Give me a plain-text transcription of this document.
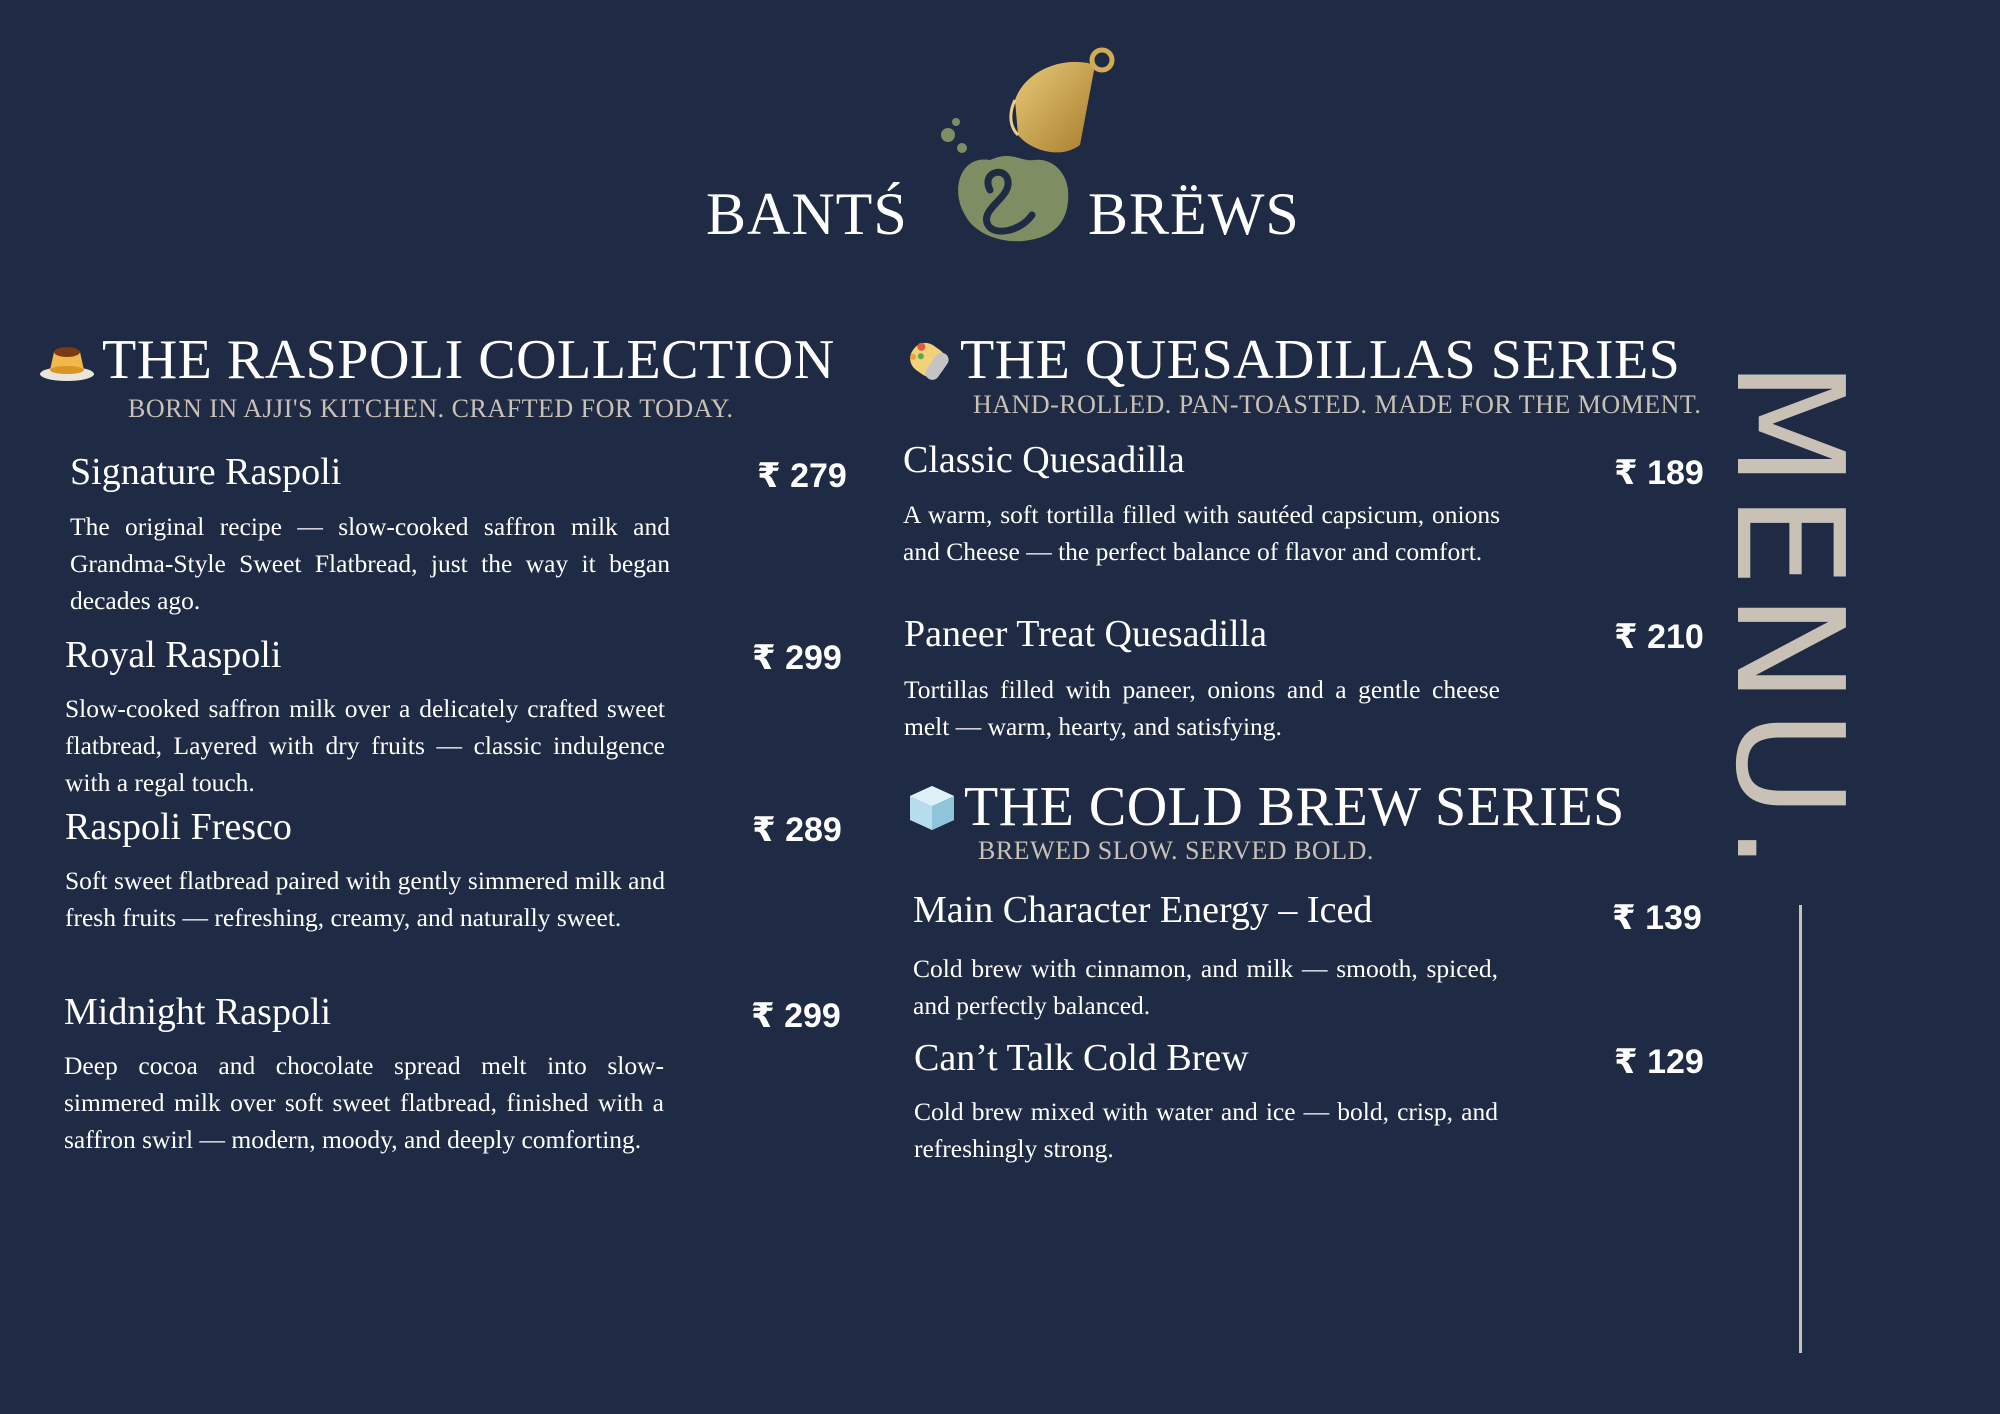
BANTŚ	BRËWS
THE RASPOLI COLLECTION
BORN IN AJJI'S KITCHEN. CRAFTED FOR TODAY.
Signature Raspoli	₹ 279
The original recipe — slow-cooked saffron milk and Grandma-Style Sweet Flatbread, just the way it began decades ago.
Royal Raspoli	₹ 299
Slow-cooked saffron milk over a delicately crafted sweet flatbread, Layered with dry fruits — classic indulgence with a regal touch.
Raspoli Fresco	₹ 289
Soft sweet flatbread paired with gently simmered milk and fresh fruits — refreshing, creamy, and naturally sweet.
Midnight Raspoli	₹ 299
Deep cocoa and chocolate spread melt into slow-simmered milk over soft sweet flatbread, finished with a saffron swirl — modern, moody, and deeply comforting.
THE QUESADILLAS SERIES
HAND-ROLLED. PAN-TOASTED. MADE FOR THE MOMENT.
Classic Quesadilla	₹ 189
A warm, soft tortilla filled with sautéed capsicum, onions and Cheese — the perfect balance of flavor and comfort.
Paneer Treat Quesadilla	₹ 210
Tortillas filled with paneer, onions and a gentle cheese melt — warm, hearty, and satisfying.
THE COLD BREW SERIES
BREWED SLOW. SERVED BOLD.
Main Character Energy – Iced	₹ 139
Cold brew with cinnamon, and milk — smooth, spiced, and perfectly balanced.
Can’t Talk Cold Brew	₹ 129
Cold brew mixed with water and ice — bold, crisp, and refreshingly strong.
MENU.
